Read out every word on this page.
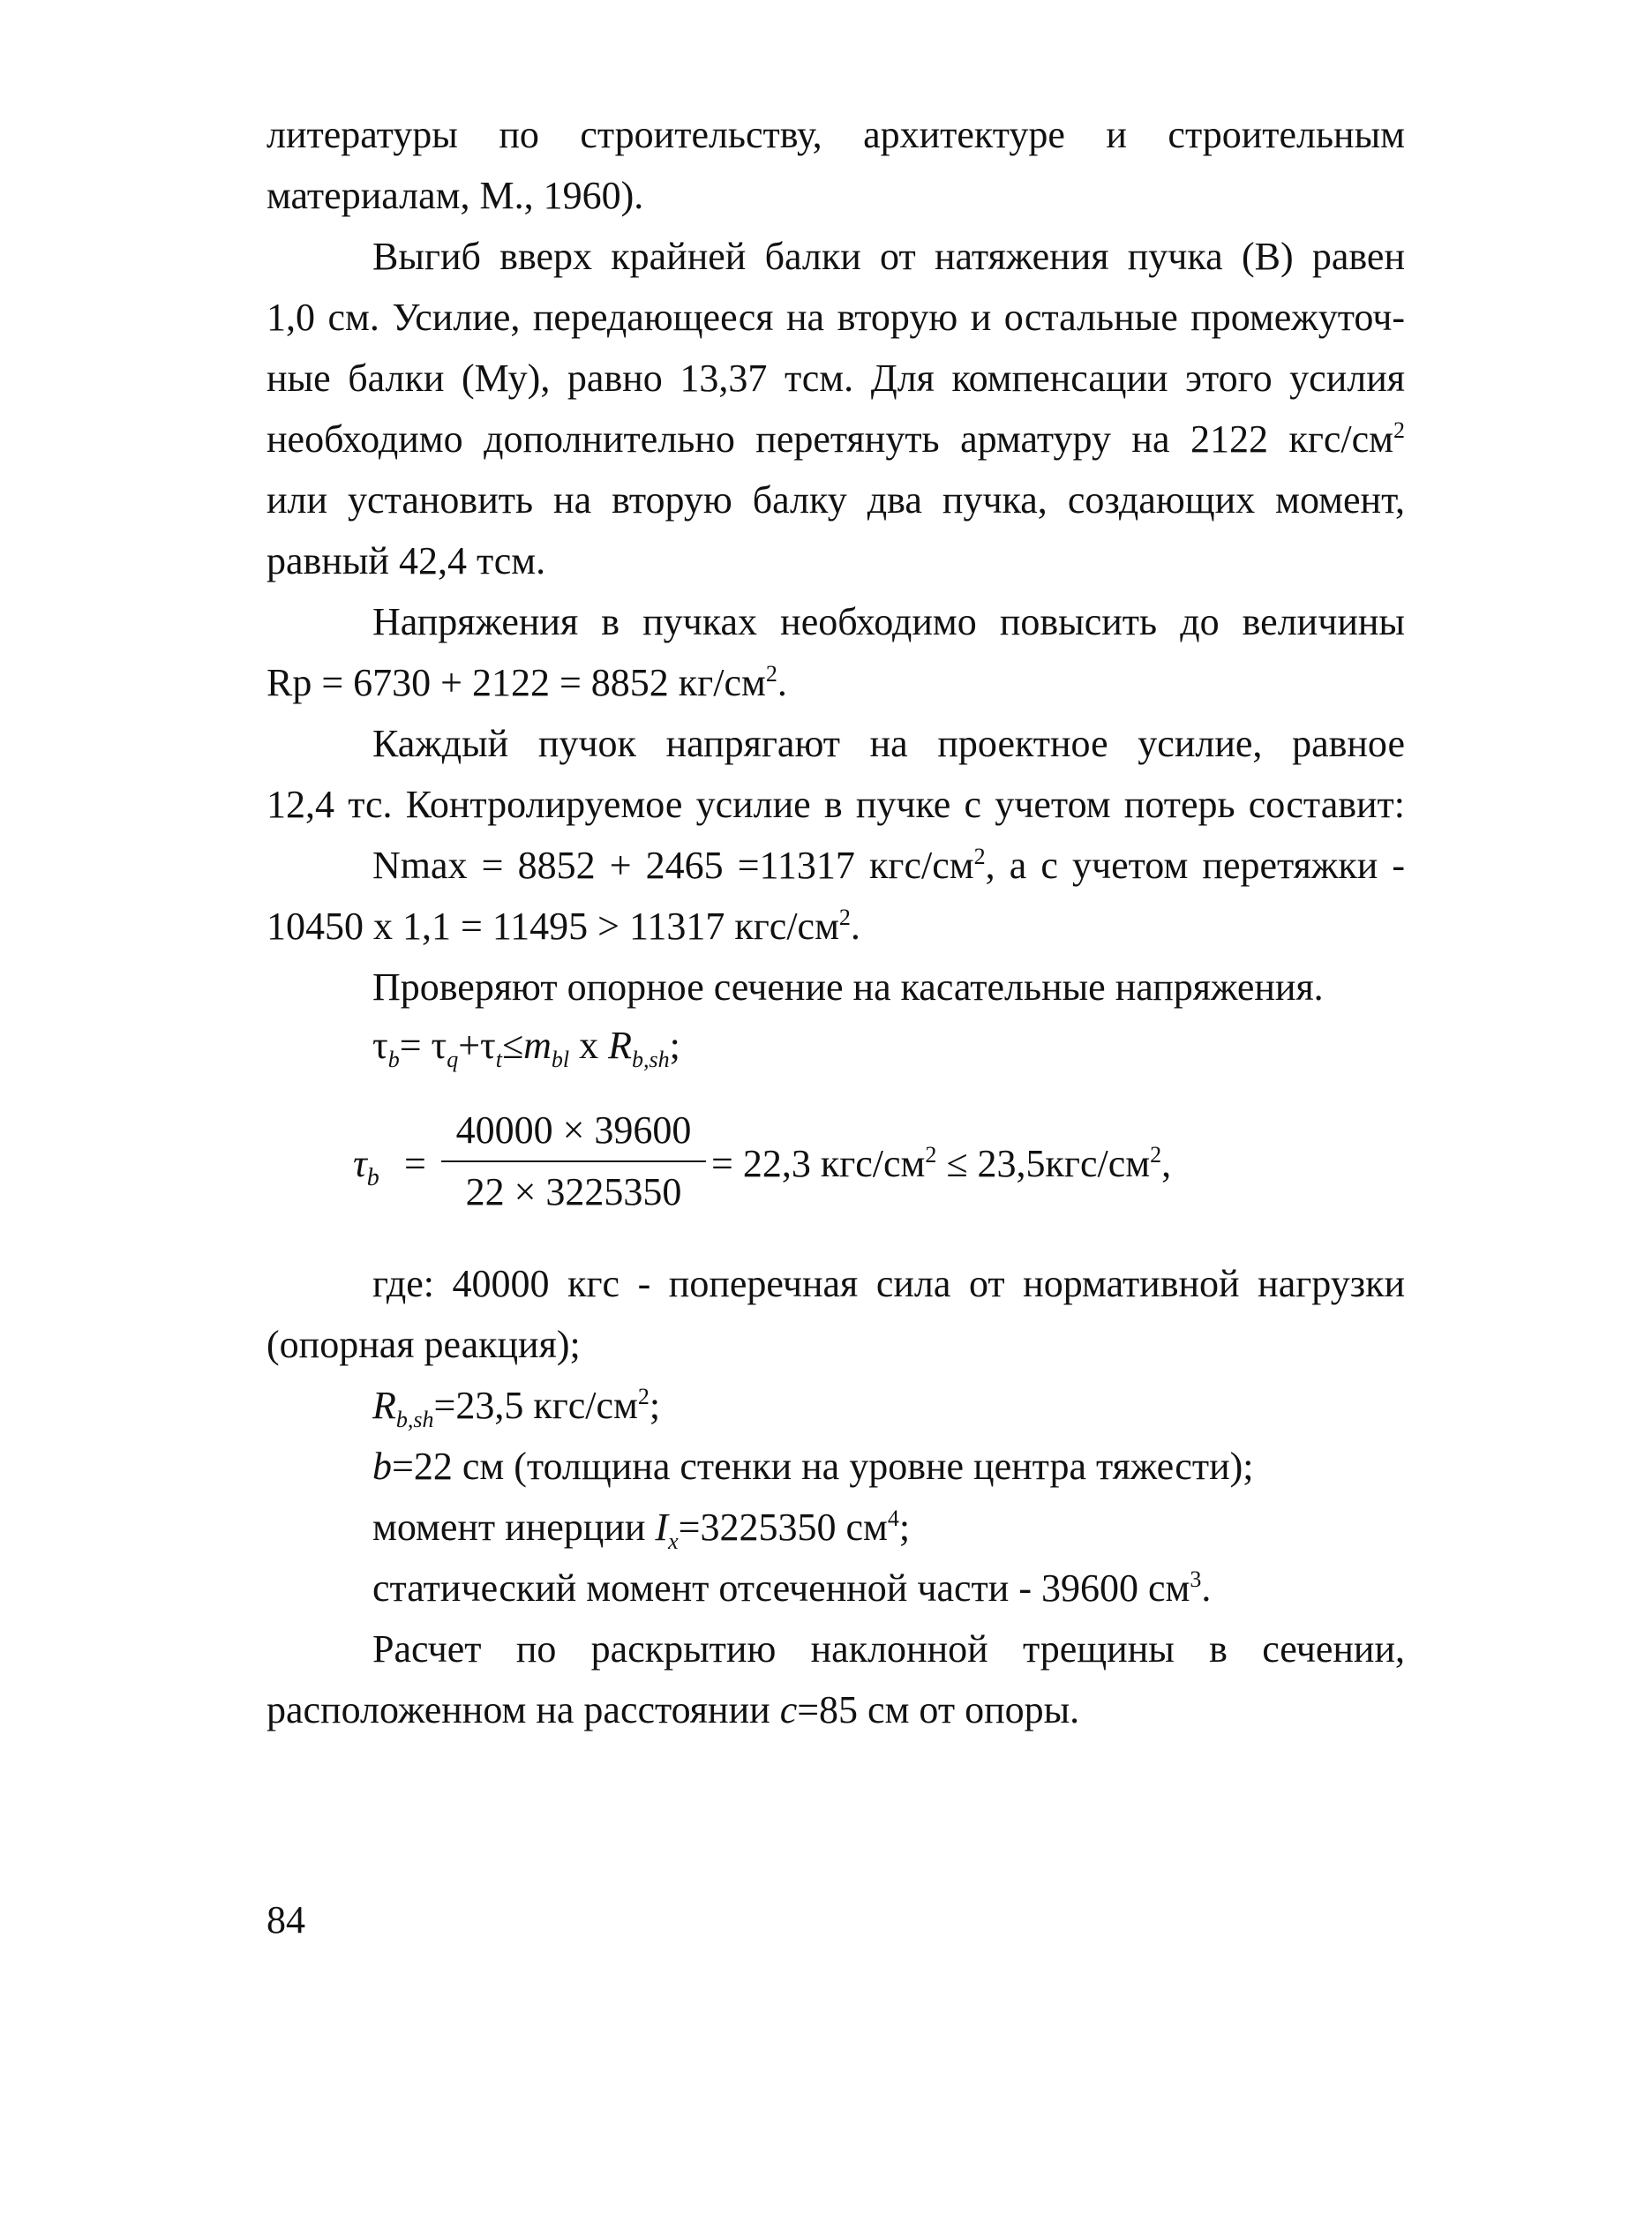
литературы по строительству, архитектуре и строительным
материалам, М., 1960).

Выгиб вверх крайней балки от натяжения пучка (В) равен
1,0 см. Усилие, передающееся на вторую и остальные промежуточ-
ные балки (Му), равно 13,37 тсм. Для компенсации этого усилия
необходимо дополнительно перетянуть арматуру на 2122 кгс/$см^2$
или установить на вторую балку два пучка, создающих момент,
равный 42,4 тсм.

Напряжения в пучках необходимо повысить до величины
Rp = 6730 + 2122 = 8852 $кг/см^2$.

Каждый пучок напрягают на проектное усилие, равное
12,4 тс. Контролируемое усилие в пучке с учетом потерь составит:

Nmax = 8852 + 2465 =11317 кгс/$см^2$, а с учетом перетяжки -
10450 х 1,1 = 11495 > 11317 кгс/$см^2$.

Проверяют опорное сечение на касательные напряжения.

$\tau_b= \tau_q+\tau_t\le m_{bl}$ х $R_{b,sh}$;

$\tau_b$ =
40000 × 39600
22 × 3225350
= 22,3 кгс/$см^2 \le 23,5кгс/см^2$,

где: 40000 кгс - поперечная сила от нормативной нагрузки
(опорная реакция);

$R_{b,sh}=23,5$ кгс/$см^2$;
b=22 см (толщина стенки на уровне центра тяжести);
момент инерции $I_x=3225350$ $см^4$;
статический момент отсеченной части - 39600 $см^3$.

Расчет по раскрытию наклонной трещины в сечении,
расположенном на расстоянии c=85 см от опоры.

84
